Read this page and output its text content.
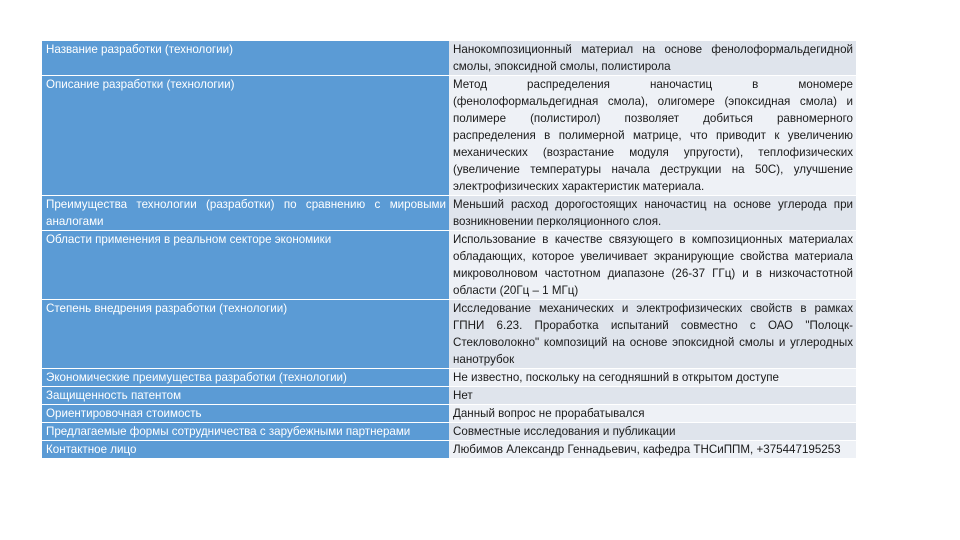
Название разработки (технологии)	Нанокомпозиционный материал на основе фенолоформальдегидной смолы, эпоксидной смолы, полистирола
Описание разработки (технологии)	Метод распределения наночастиц в мономере (фенолоформальдегидная смола), олигомере (эпоксидная смола) и полимере (полистирол) позволяет добиться равномерного распределения в полимерной матрице, что приводит к увеличению механических (возрастание модуля упругости), теплофизических (увеличение температуры начала деструкции на 50С), улучшение электрофизических характеристик материала.
Преимущества технологии (разработки) по сравнению с мировыми аналогами	Меньший расход дорогостоящих наночастиц на основе углерода при возникновении перколяционного слоя.
Области применения в реальном секторе экономики	Использование в качестве связующего в композиционных материалах обладающих, которое увеличивает экранирующие свойства материала микроволновом частотном диапазоне (26-37 ГГц) и в низкочастотной области (20Гц – 1 МГц)
Степень внедрения разработки (технологии)	Исследование механических и электрофизических свойств в рамках ГПНИ 6.23. Проработка испытаний совместно с ОАО "Полоцк-Стекловолокно" композиций на основе эпоксидной смолы и углеродных нанотрубок
Экономические преимущества разработки (технологии)	Не известно, поскольку на сегодняшний в открытом доступе
Защищенность патентом	Нет
Ориентировочная стоимость	Данный вопрос не прорабатывался
Предлагаемые формы сотрудничества с зарубежными партнерами	Совместные исследования и публикации
Контактное лицо	Любимов Александр Геннадьевич, кафедра ТНСиППМ, +375447195253
